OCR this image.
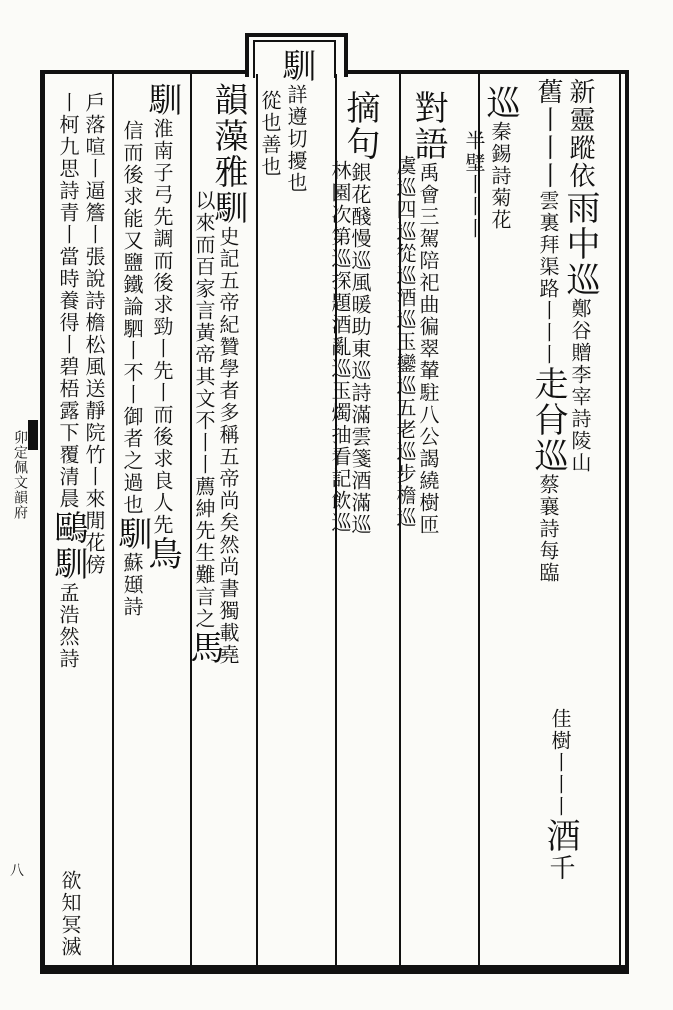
卯定佩文韻府
八
新靈蹤依雨中巡鄭谷贈李宰詩陵山
舊丨丨丨雲裏拜渠路丨丨丨走䏌巡蔡襄詩每臨
佳樹丨丨丨酒千
巡秦錫詩菊花
半壁丨丨丨
對語禹會三駕陪祀曲徧翠輦駐八公謁繞樹匝
虞巡四巡從巡酒巡玉鑾巡五老巡步檐巡
摘句銀花醆慢巡風暖助東巡詩滿雲箋酒滿巡
林園次第巡探題酒亂巡玉燭抽看記飲巡
馴詳遵切擾也
從也善也
韻藻雅馴史記五帝紀贊學者多稱五帝尚矣然尚書獨載堯
以來而百家言黃帝其文不丨丨薦紳先生難言之馬
馴淮南子弓先調而後求勁丨先丨而後求良人先鳥
信而後求能又鹽鐵論駟丨不丨御者之過也馴蘇頲詩
戶落喧丨逼簷丨張說詩檐松風送靜院竹丨來閒花傍
丨柯九思詩青丨當時養得丨碧梧露下覆清晨鷗馴孟浩然詩
欲知冥滅
